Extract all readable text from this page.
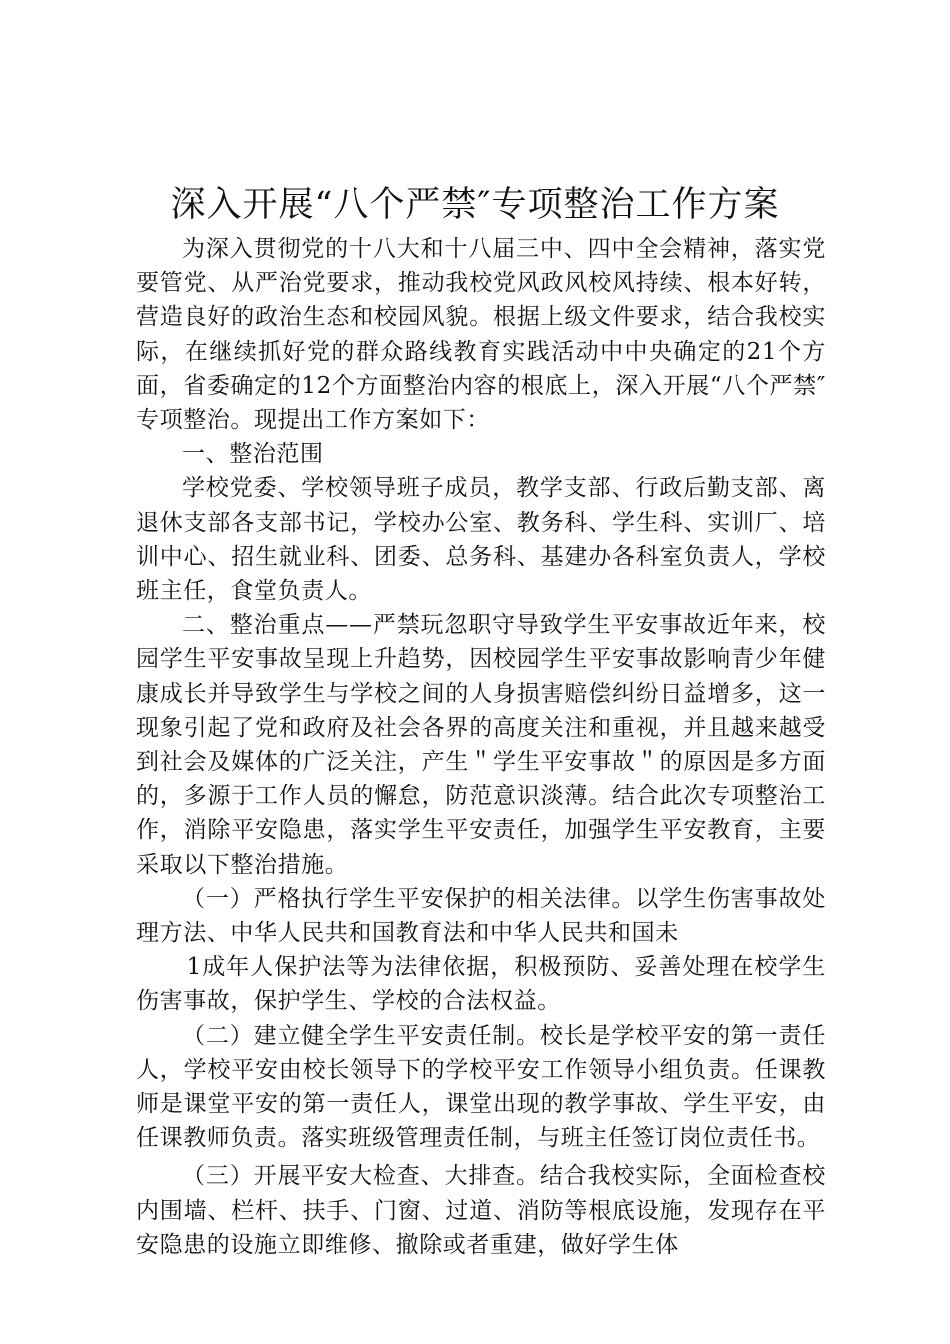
深入开展“八个严禁″专项整治工作方案

为深入贯彻党的十八大和十八届三中、四中全会精神，落实党要管党、从严治党要求，推动我校党风政风校风持续、根本好转，营造良好的政治生态和校园风貌。根据上级文件要求，结合我校实际，在继续抓好党的群众路线教育实践活动中中央确定的21个方面，省委确定的12个方面整治内容的根底上，深入开展“八个严禁″专项整治。现提出工作方案如下：

一、整治范围

学校党委、学校领导班子成员，教学支部、行政后勤支部、离退休支部各支部书记，学校办公室、教务科、学生科、实训厂、培训中心、招生就业科、团委、总务科、基建办各科室负责人，学校班主任，食堂负责人。

二、整治重点——严禁玩忽职守导致学生平安事故近年来，校园学生平安事故呈现上升趋势，因校园学生平安事故影响青少年健康成长并导致学生与学校之间的人身损害赔偿纠纷日益增多，这一现象引起了党和政府及社会各界的高度关注和重视，并且越来越受到社会及媒体的广泛关注，产生＂学生平安事故＂的原因是多方面的，多源于工作人员的懈怠，防范意识淡薄。结合此次专项整治工作，消除平安隐患，落实学生平安责任，加强学生平安教育，主要采取以下整治措施。

（一）严格执行学生平安保护的相关法律。以学生伤害事故处理方法、中华人民共和国教育法和中华人民共和国未

1成年人保护法等为法律依据，积极预防、妥善处理在校学生伤害事故，保护学生、学校的合法权益。

（二）建立健全学生平安责任制。校长是学校平安的第一责任人，学校平安由校长领导下的学校平安工作领导小组负责。任课教师是课堂平安的第一责任人，课堂出现的教学事故、学生平安，由任课教师负责。落实班级管理责任制，与班主任签订岗位责任书。

（三）开展平安大检查、大排查。结合我校实际，全面检查校内围墙、栏杆、扶手、门窗、过道、消防等根底设施，发现存在平安隐患的设施立即维修、撤除或者重建，做好学生体
